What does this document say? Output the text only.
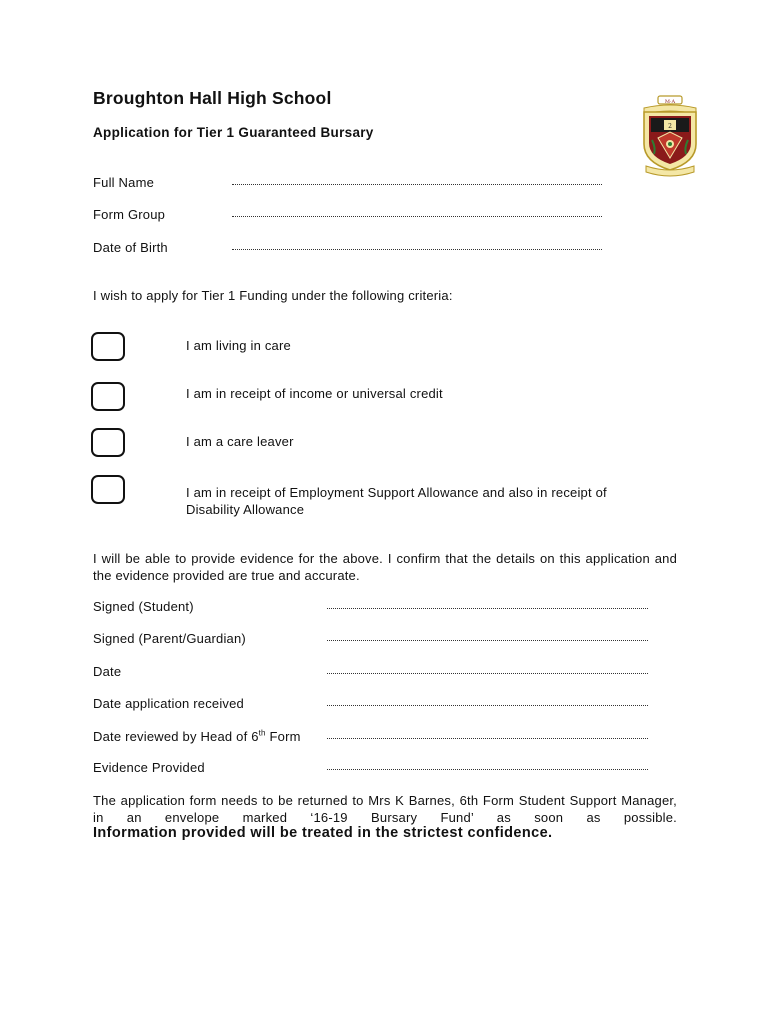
Broughton Hall High School
Application for Tier 1 Guaranteed Bursary
M·A
2
Full Name
Form Group
Date of Birth
I wish to apply for Tier 1 Funding under the following criteria:
I am living in care
I am in receipt of income or universal credit
I am a care leaver
I am in receipt of Employment Support Allowance and also in receipt of Disability Allowance
I will be able to provide evidence for the above. I confirm that the details on this application and the evidence provided are true and accurate.
Signed (Student)
Signed (Parent/Guardian)
Date
Date application received
Date reviewed by Head of 6th Form
Evidence Provided
The application form needs to be returned to Mrs K Barnes, 6th Form Student Support Manager, in an envelope marked ‘16-19 Bursary Fund’ as soon as possible.
Information provided will be treated in the strictest confidence.
